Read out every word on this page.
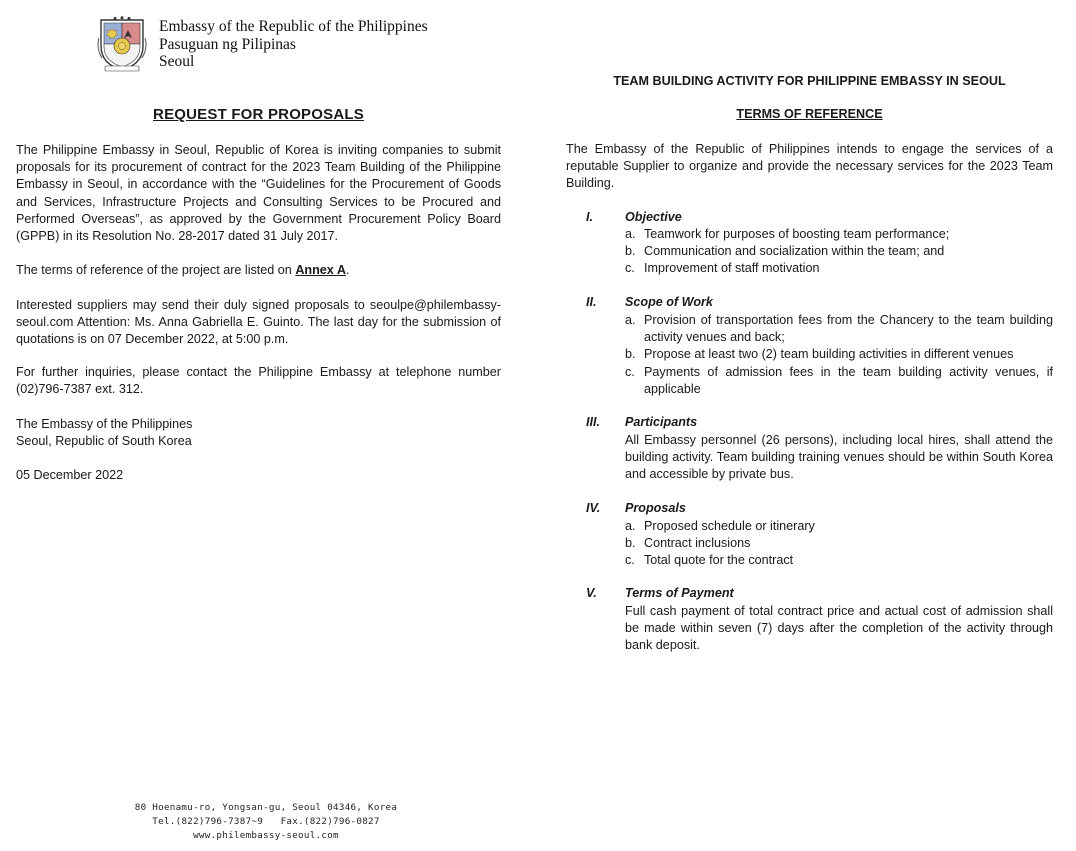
Embassy of the Republic of the Philippines
Pasuguan ng Pilipinas
Seoul
REQUEST FOR PROPOSALS
The Philippine Embassy in Seoul, Republic of Korea is inviting companies to submit proposals for its procurement of contract for the 2023 Team Building of the Philippine Embassy in Seoul, in accordance with the “Guidelines for the Procurement of Goods and Services, Infrastructure Projects and Consulting Services to be Procured and Performed Overseas”, as approved by the Government Procurement Policy Board (GPPB) in its Resolution No. 28-2017 dated 31 July 2017.
The terms of reference of the project are listed on Annex A.
Interested suppliers may send their duly signed proposals to seoulpe@philembassy-seoul.com Attention: Ms. Anna Gabriella E. Guinto. The last day for the submission of quotations is on 07 December 2022, at 5:00 p.m.
For further inquiries, please contact the Philippine Embassy at telephone number (02)796-7387 ext. 312.
The Embassy of the Philippines
Seoul, Republic of South Korea
05 December 2022
TEAM BUILDING ACTIVITY FOR PHILIPPINE EMBASSY IN SEOUL
TERMS OF REFERENCE
The Embassy of the Republic of Philippines intends to engage the services of a reputable Supplier to organize and provide the necessary services for the 2023 Team Building.
I.	Objective
a. Teamwork for purposes of boosting team performance;
b. Communication and socialization within the team; and
c. Improvement of staff motivation
II. Scope of Work
a. Provision of transportation fees from the Chancery to the team building activity venues and back;
b. Propose at least two (2) team building activities in different venues
c. Payments of admission fees in the team building activity venues, if applicable
III. Participants
All Embassy personnel (26 persons), including local hires, shall attend the building activity. Team building training venues should be within South Korea and accessible by private bus.
IV. Proposals
a. Proposed schedule or itinerary
b. Contract inclusions
c. Total quote for the contract
V. Terms of Payment
Full cash payment of total contract price and actual cost of admission shall be made within seven (7) days after the completion of the activity through bank deposit.
80 Hoenamu-ro, Yongsan-gu, Seoul 04346, Korea
Tel.(822)796-7387~9   Fax.(822)796-0827
www.philembassy-seoul.com
